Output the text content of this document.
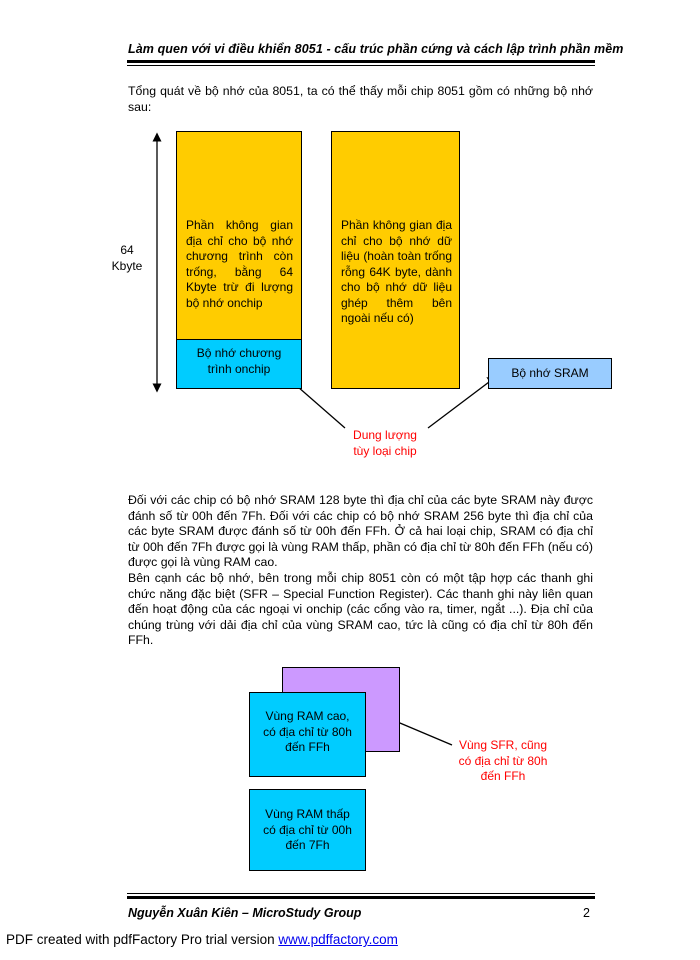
Làm quen với vi điều khiển 8051 - cấu trúc phần cứng và cách lập trình phần mềm
Tổng quát về bộ nhớ của 8051, ta có thể thấy mỗi chip 8051 gồm có những bộ nhớ sau:
64
Kbyte
Phần không gian địa chỉ cho bộ nhớ chương trình còn trống, bằng 64 Kbyte trừ đi lượng bộ nhớ onchip
Bộ nhớ chương
trình onchip
Phần không gian địa chỉ cho bộ nhớ dữ liệu (hoàn toàn trống rỗng 64K byte, dành cho bộ nhớ dữ liệu ghép thêm bên ngoài nếu có)
Bộ nhớ SRAM
Dung lượng
tùy loại chip
Đối với các chip có bộ nhớ SRAM 128 byte thì địa chỉ của các byte SRAM này được đánh số từ 00h đến 7Fh. Đối với các chip có bộ nhớ SRAM 256 byte thì địa chỉ của các byte SRAM được đánh số từ 00h đến FFh. Ở cả hai loại chip, SRAM có địa chỉ từ 00h đến 7Fh được gọi là vùng RAM thấp, phần có địa chỉ từ 80h đến FFh (nếu có) được gọi là vùng RAM cao.
Bên cạnh các bộ nhớ, bên trong mỗi chip 8051 còn có một tập hợp các thanh ghi chức năng đặc biệt (SFR – Special Function Register). Các thanh ghi này liên quan đến hoạt động của các ngoại vi onchip (các cổng vào ra, timer, ngắt ...). Địa chỉ của chúng trùng với dải địa chỉ của vùng SRAM cao, tức là cũng có địa chỉ từ 80h đến FFh.
Vùng RAM cao,
có địa chỉ từ 80h
đến FFh	Vùng SFR, cũng
có địa chỉ từ 80h
đến FFh
Vùng RAM thấp
có địa chỉ từ 00h
đến 7Fh
Nguyễn Xuân Kiên – MicroStudy Group	2
PDF created with pdfFactory Pro trial version www.pdffactory.com
